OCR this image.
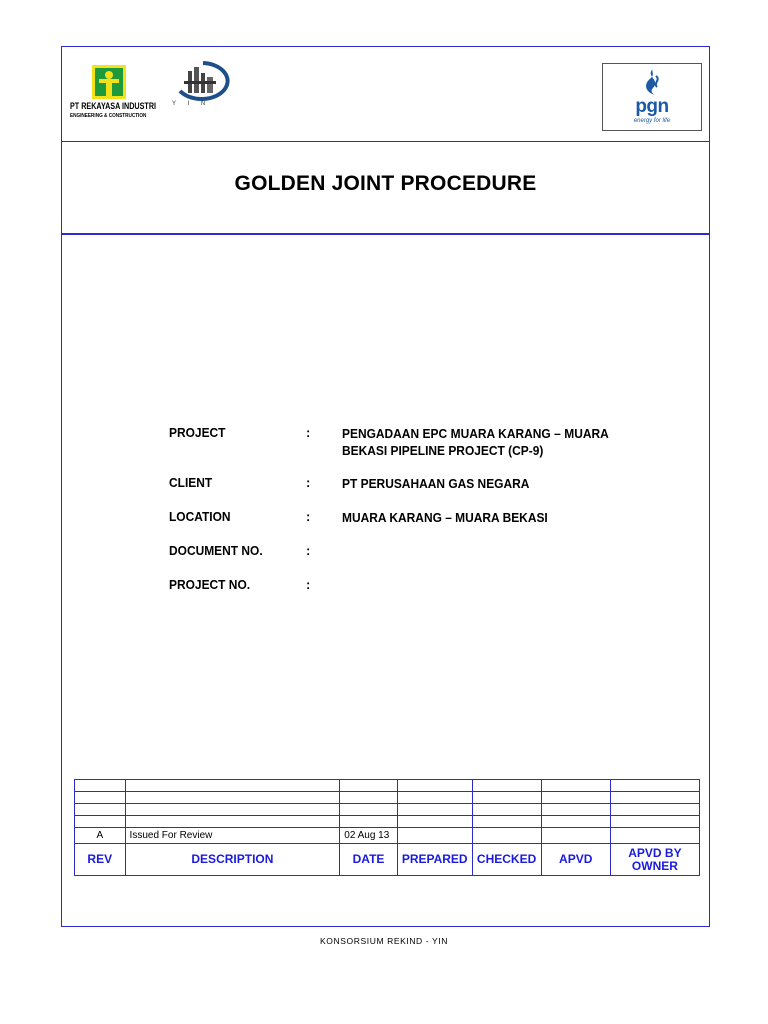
PT REKAYASA INDUSTRI
ENGINEERING & CONSTRUCTION
Y I N	pgn
energy for life
GOLDEN JOINT PROCEDURE
PROJECT	: PENGADAAN EPC MUARA KARANG – MUARA BEKASI PIPELINE PROJECT (CP-9)
CLIENT	: PT PERUSAHAAN GAS NEGARA
LOCATION	: MUARA KARANG – MUARA BEKASI
DOCUMENT NO.	:
PROJECT NO.	:

A	Issued For Review	02 Aug 13				
REV	DESCRIPTION	DATE	PREPARED	CHECKED	APVD	APVD BY OWNER
KONSORSIUM REKIND - YIN
